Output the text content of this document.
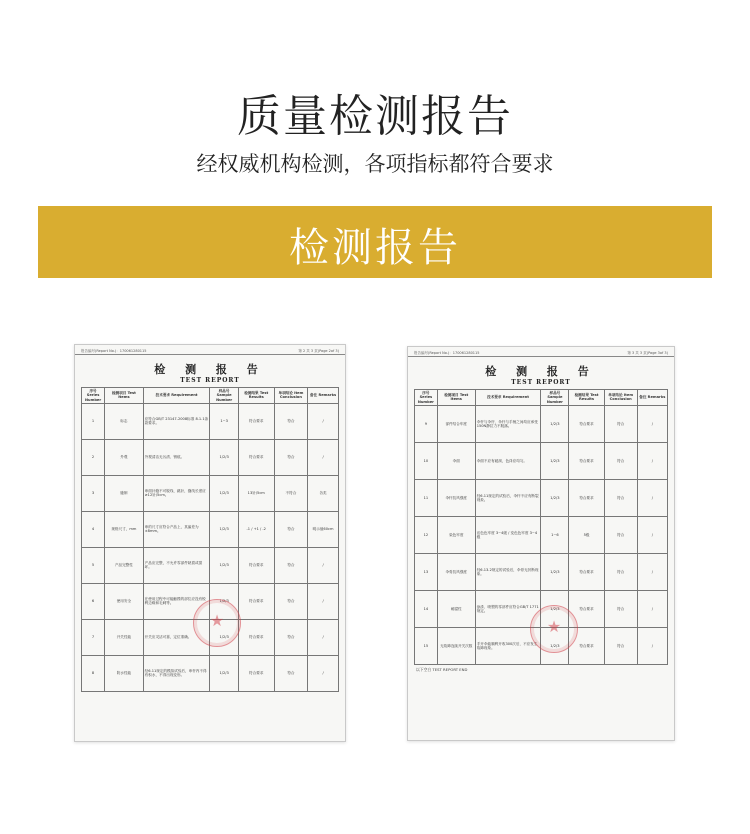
质量检测报告
经权威机构检测，各项指标都符合要求
检测报告
报告编号(Report No.)：170061280115	第 2 共 3 页(Page 2of 3)
检 测 报 告
TEST REPORT
序号 Series Number	检测项目 Test Items	技术要求 Requirement	样品号 Sample Number	检测结果 Test Results	单项结论 Item Conclusion	备注 Remarks
1	标志	应符合GB/T 23147-2008标准 8.1.1条款要求。	1~3	符合要求	符合	/
2	外观	外观清洁无污渍、锈痕。	1/2/3	符合要求	符合	/
3	缝制	串面针缝不可脱线、跳针，缝线长度应≥12针/5cm。	1/2/3	13针/5cm	不符合	各类
4	规格尺寸，mm	串的尺寸应符合产品上，其偏差为±8mm。	1/2/3	-1 / +1 / -2	符合	明示值60cm
5	产品完整性	产品应完整，不允许零部件缺损或损坏。	1/2/3	符合要求	符合	/
6	使用安全	在使用过程中可能触摸的部位应没有锐利边缘和毛刺等。	1/2/3	符合要求	符合	/
7	开关性能	开关应灵活可靠，定位准确。	1/2/3	符合要求	符合	/
8	防水性能	经6.11规定的模拟试验后，串杆内不得有积水，不得出现变形。	1/2/3	符合要求	符合	/
★
报告编号(Report No.)：170061280115	第 3 共 3 页(Page 3of 3)
检 测 报 告
TEST REPORT
序号 Series Number	检测项目 Test Items	技术要求 Requirement	样品号 Sample Number	检测结果 Test Results	单项结论 Item Conclusion	备注 Remarks
9	部件结合牢度	伞杆与伞杆、伞杆与手柄之间均应承受150N静拉力不脱落。	1/2/3	符合要求	符合	/
10	伞面	伞面不应有破洞，色泽应均匀。	1/2/3	符合要求	符合	/
11	伞杆抗风强度	经6.11规定的试验后，伞杆不应有断裂现象。	1/2/3	符合要求	符合	/
12	染色牢度	沾色色牢度 3~4级 / 变色色牢度 3~4级	1~6	5级	符合	/
13	伞骨抗风强度	经6.13.2规定的试验后，伞骨无折断现象。	1/2/3	符合要求	符合	/
14	耐腐性	涂漆、喷塑的零部件应符合GB/T 1771规定。	1/2/3	符合要求	符合	/
15	无故障连续开关次数	手开伞能顺利开收300次后，不应发生故障现象。	1/2/3	符合要求	符合	/
以下空白 TEST REPORT END
★
